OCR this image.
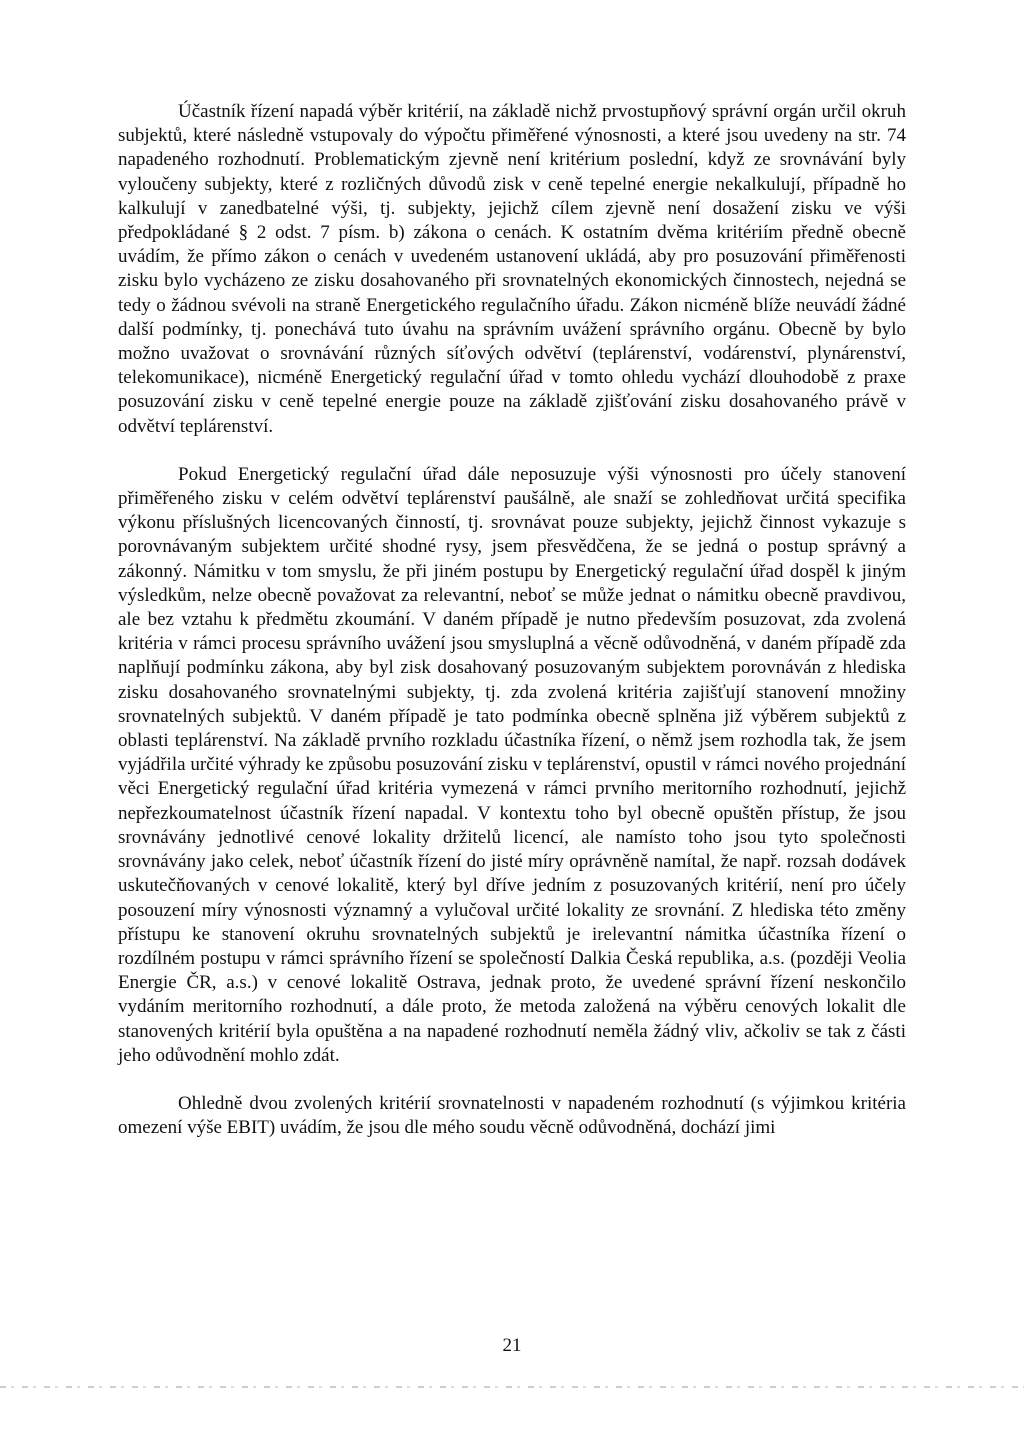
Účastník řízení napadá výběr kritérií, na základě nichž prvostupňový správní orgán určil okruh subjektů, které následně vstupovaly do výpočtu přiměřené výnosnosti, a které jsou uvedeny na str. 74 napadeného rozhodnutí. Problematickým zjevně není kritérium poslední, když ze srovnávání byly vyloučeny subjekty, které z rozličných důvodů zisk v ceně tepelné energie nekalkulují, případně ho kalkulují v zanedbatelné výši, tj. subjekty, jejichž cílem zjevně není dosažení zisku ve výši předpokládané § 2 odst. 7 písm. b) zákona o cenách. K ostatním dvěma kritériím předně obecně uvádím, že přímo zákon o cenách v uvedeném ustanovení ukládá, aby pro posuzování přiměřenosti zisku bylo vycházeno ze zisku dosahovaného při srovnatelných ekonomických činnostech, nejedná se tedy o žádnou svévoli na straně Energetického regulačního úřadu. Zákon nicméně blíže neuvádí žádné další podmínky, tj. ponechává tuto úvahu na správním uvážení správního orgánu. Obecně by bylo možno uvažovat o srovnávání různých síťových odvětví (teplárenství, vodárenství, plynárenství, telekomunikace), nicméně Energetický regulační úřad v tomto ohledu vychází dlouhodobě z praxe posuzování zisku v ceně tepelné energie pouze na základě zjišťování zisku dosahovaného právě v odvětví teplárenství.

Pokud Energetický regulační úřad dále neposuzuje výši výnosnosti pro účely stanovení přiměřeného zisku v celém odvětví teplárenství paušálně, ale snaží se zohledňovat určitá specifika výkonu příslušných licencovaných činností, tj. srovnávat pouze subjekty, jejichž činnost vykazuje s porovnávaným subjektem určité shodné rysy, jsem přesvědčena, že se jedná o postup správný a zákonný. Námitku v tom smyslu, že při jiném postupu by Energetický regulační úřad dospěl k jiným výsledkům, nelze obecně považovat za relevantní, neboť se může jednat o námitku obecně pravdivou, ale bez vztahu k předmětu zkoumání. V daném případě je nutno především posuzovat, zda zvolená kritéria v rámci procesu správního uvážení jsou smysluplná a věcně odůvodněná, v daném případě zda naplňují podmínku zákona, aby byl zisk dosahovaný posuzovaným subjektem porovnáván z hlediska zisku dosahovaného srovnatelnými subjekty, tj. zda zvolená kritéria zajišťují stanovení množiny srovnatelných subjektů. V daném případě je tato podmínka obecně splněna již výběrem subjektů z oblasti teplárenství. Na základě prvního rozkladu účastníka řízení, o němž jsem rozhodla tak, že jsem vyjádřila určité výhrady ke způsobu posuzování zisku v teplárenství, opustil v rámci nového projednání věci Energetický regulační úřad kritéria vymezená v rámci prvního meritorního rozhodnutí, jejichž nepřezkoumatelnost účastník řízení napadal. V kontextu toho byl obecně opuštěn přístup, že jsou srovnávány jednotlivé cenové lokality držitelů licencí, ale namísto toho jsou tyto společnosti srovnávány jako celek, neboť účastník řízení do jisté míry oprávněně namítal, že např. rozsah dodávek uskutečňovaných v cenové lokalitě, který byl dříve jedním z posuzovaných kritérií, není pro účely posouzení míry výnosnosti významný a vylučoval určité lokality ze srovnání. Z hlediska této změny přístupu ke stanovení okruhu srovnatelných subjektů je irelevantní námitka účastníka řízení o rozdílném postupu v rámci správního řízení se společností Dalkia Česká republika, a.s. (později Veolia Energie ČR, a.s.) v cenové lokalitě Ostrava, jednak proto, že uvedené správní řízení neskončilo vydáním meritorního rozhodnutí, a dále proto, že metoda založená na výběru cenových lokalit dle stanovených kritérií byla opuštěna a na napadené rozhodnutí neměla žádný vliv, ačkoliv se tak z části jeho odůvodnění mohlo zdát.

Ohledně dvou zvolených kritérií srovnatelnosti v napadeném rozhodnutí (s výjimkou kritéria omezení výše EBIT) uvádím, že jsou dle mého soudu věcně odůvodněná, dochází jimi

21
